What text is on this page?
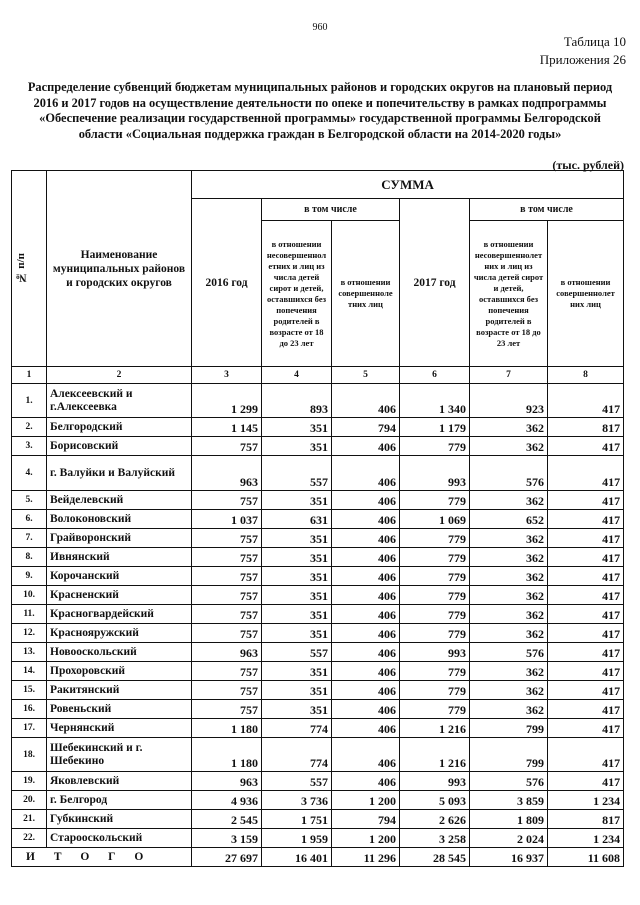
960
Таблица 10
Приложения 26
Распределение субвенций бюджетам муниципальных районов и городских округов на плановый период 2016 и 2017 годов на осуществление деятельности по опеке и попечительству в рамках подпрограммы «Обеспечение реализации государственной программы» государственной программы Белгородской области «Социальная поддержка граждан в Белгородской области на 2014-2020 годы»
(тыс. рублей)
№ п/п	Наименование муниципальных районов и городских округов	СУММА					
		2016 год	в том числе		2017 год	в том числе	
			в отношении несовершеннол етних и лиц из числа детей сирот и детей, оставшихся без попечения родителей в возрасте от 18 до 23 лет	в отношении совершенноле тних лиц		в отношении несовершеннолет них и лиц из числа детей сирот и детей, оставшихся без попечения родителей в возрасте от 18 до 23 лет	в отношении совершеннолет них лиц
1	2	3	4	5	6	7	8
1.	Алексеевский и г.Алексеевка	1 299	893	406	1 340	923	417
2.	Белгородский	1 145	351	794	1 179	362	817
3.	Борисовский	757	351	406	779	362	417
4.	г. Валуйки и Валуйский	963	557	406	993	576	417
5.	Вейделевский	757	351	406	779	362	417
6.	Волоконовский	1 037	631	406	1 069	652	417
7.	Грайворонский	757	351	406	779	362	417
8.	Ивнянский	757	351	406	779	362	417
9.	Корочанский	757	351	406	779	362	417
10.	Красненский	757	351	406	779	362	417
11.	Красногвардейский	757	351	406	779	362	417
12.	Краснояружский	757	351	406	779	362	417
13.	Новооскольский	963	557	406	993	576	417
14.	Прохоровский	757	351	406	779	362	417
15.	Ракитянский	757	351	406	779	362	417
16.	Ровеньский	757	351	406	779	362	417
17.	Чернянский	1 180	774	406	1 216	799	417
18.	Шебекинский и г. Шебекино	1 180	774	406	1 216	799	417
19.	Яковлевский	963	557	406	993	576	417
20.	г. Белгород	4 936	3 736	1 200	5 093	3 859	1 234
21.	Губкинский	2 545	1 751	794	2 626	1 809	817
22.	Старооскольский	3 159	1 959	1 200	3 258	2 024	1 234
И Т О Г О		27 697	16 401	11 296	28 545	16 937	11 608
